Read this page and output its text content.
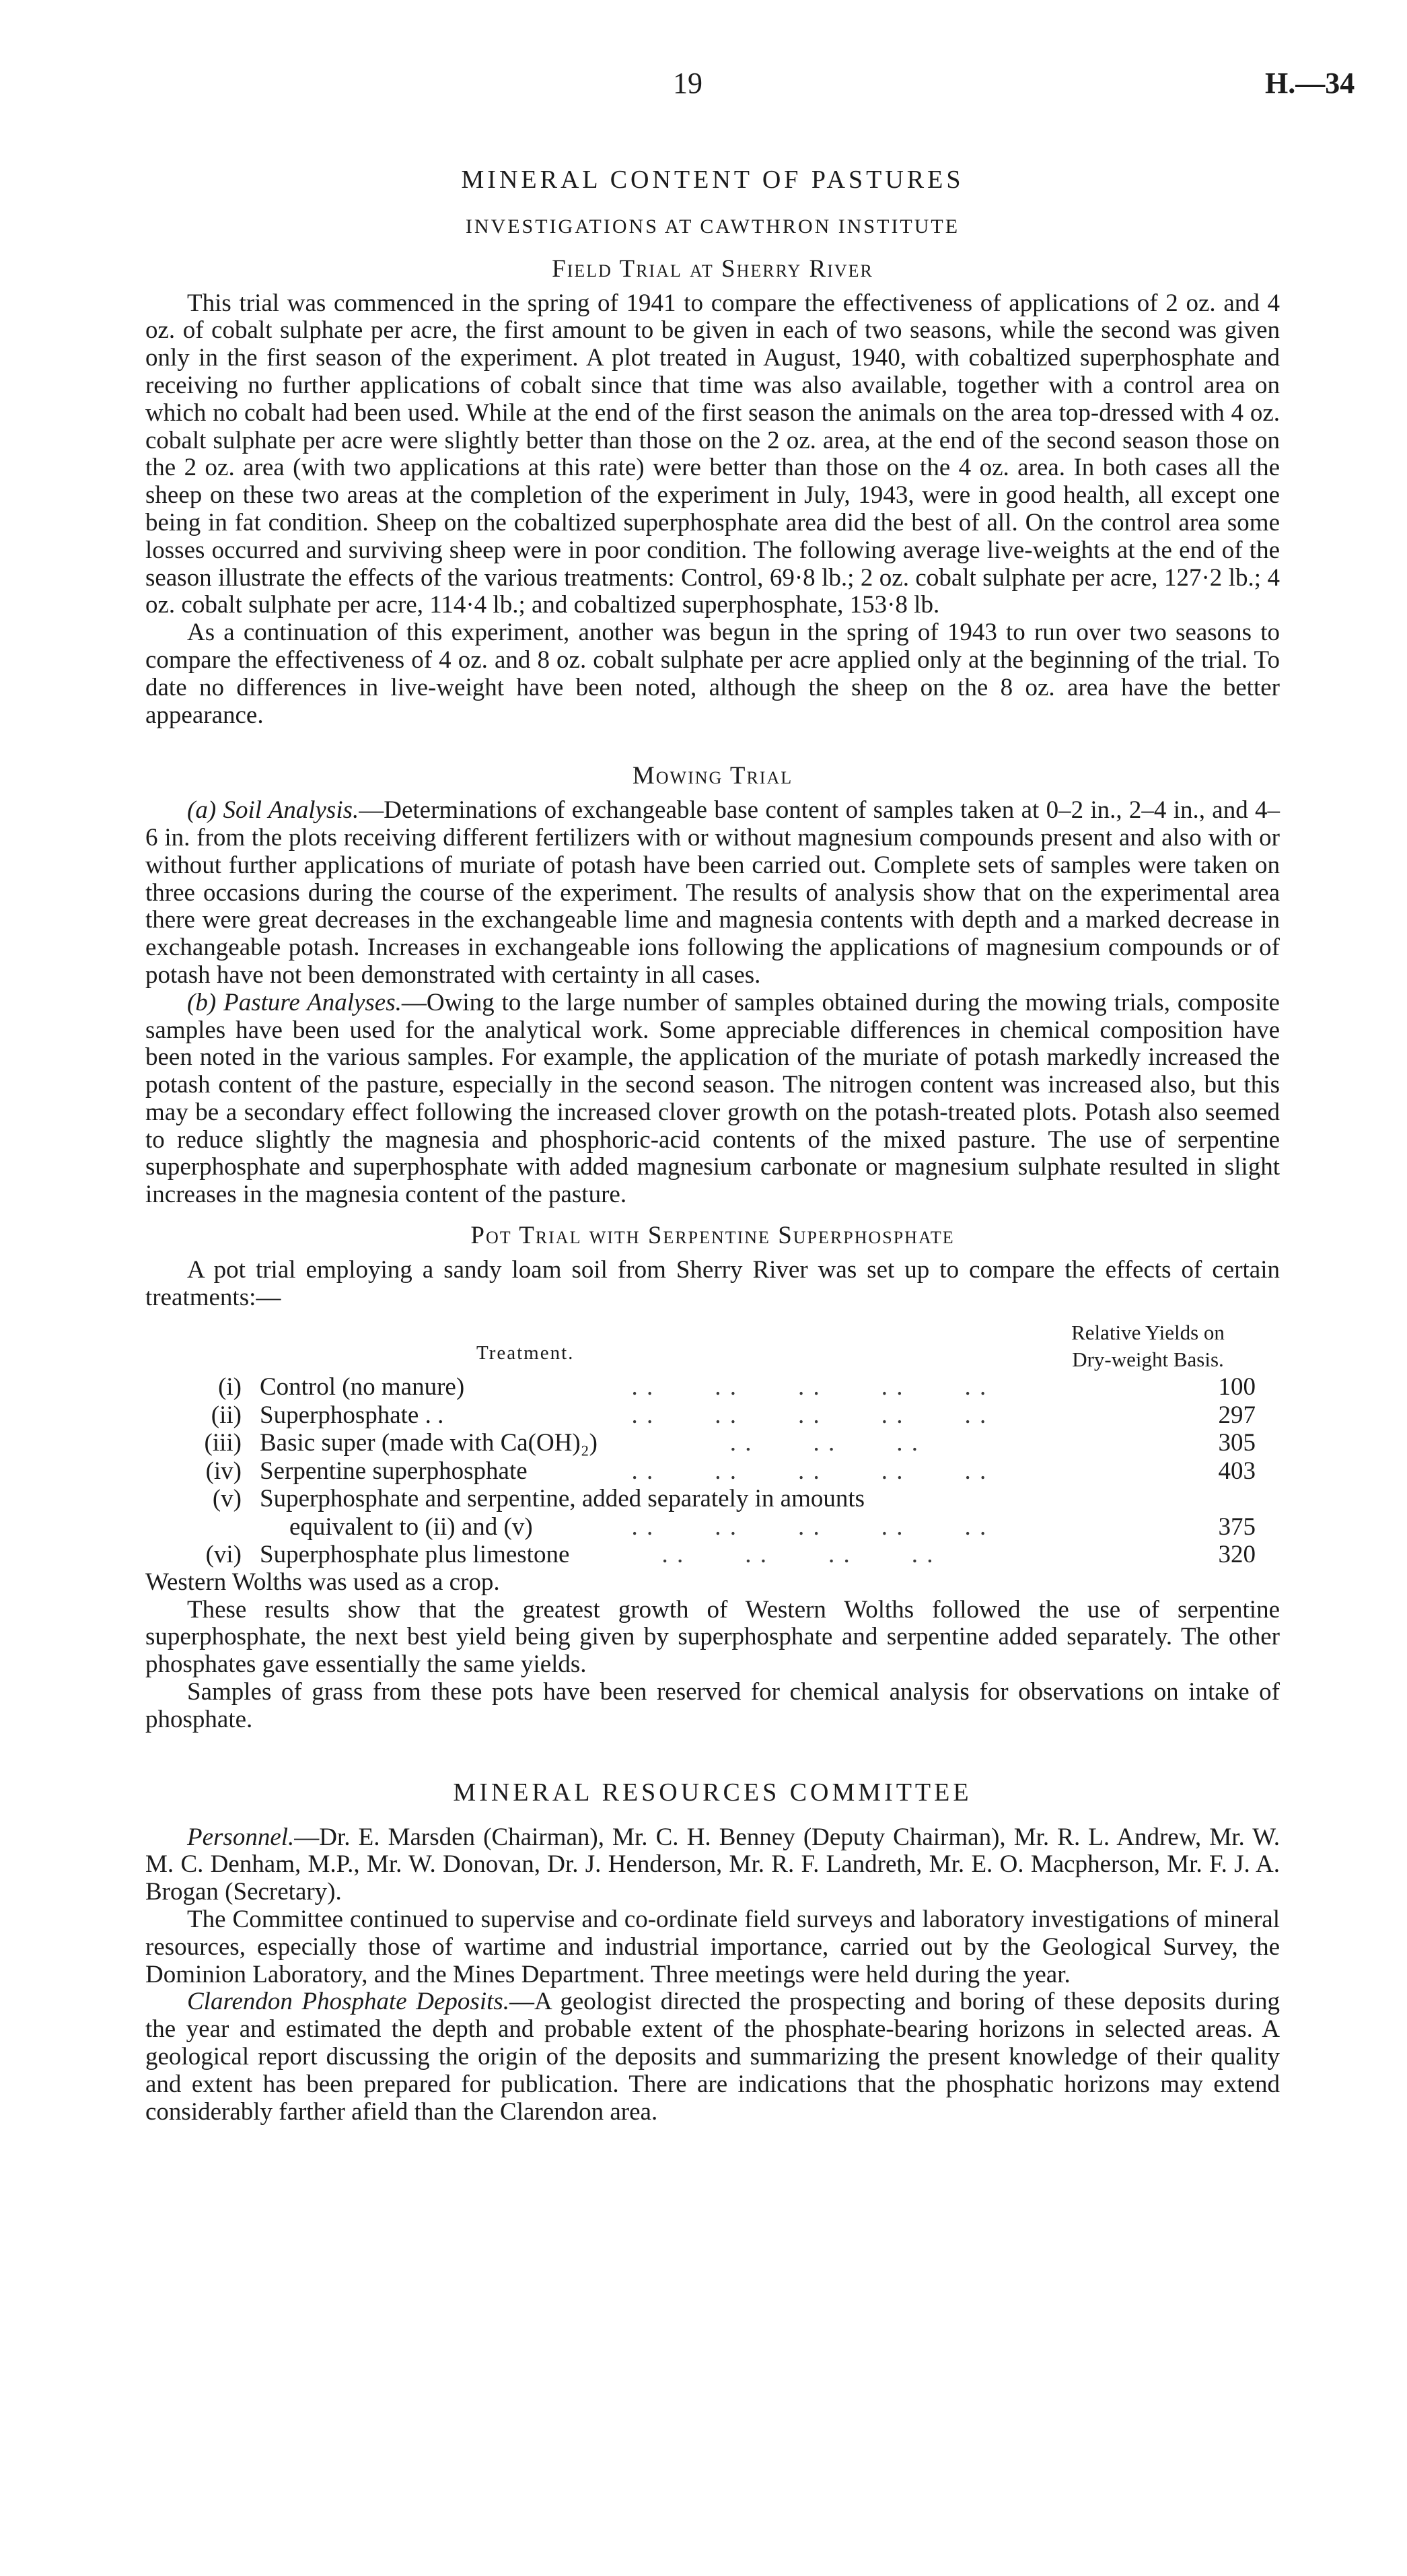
19	H.—34
MINERAL CONTENT OF PASTURES
INVESTIGATIONS AT CAWTHRON INSTITUTE
Field Trial at Sherry River

This trial was commenced in the spring of 1941 to compare the effectiveness of applications of 2 oz. and 4 oz. of cobalt sulphate per acre, the first amount to be given in each of two seasons, while the second was given only in the first season of the experiment. A plot treated in August, 1940, with cobaltized superphosphate and receiving no further applications of cobalt since that time was also available, together with a control area on which no cobalt had been used. While at the end of the first season the animals on the area top-dressed with 4 oz. cobalt sulphate per acre were slightly better than those on the 2 oz. area, at the end of the second season those on the 2 oz. area (with two applications at this rate) were better than those on the 4 oz. area. In both cases all the sheep on these two areas at the completion of the experiment in July, 1943, were in good health, all except one being in fat condition. Sheep on the cobaltized superphosphate area did the best of all. On the control area some losses occurred and surviving sheep were in poor condition. The following average live-weights at the end of the season illustrate the effects of the various treatments: Control, 69·8 lb.; 2 oz. cobalt sulphate per acre, 127·2 lb.; 4 oz. cobalt sulphate per acre, 114·4 lb.; and cobaltized superphosphate, 153·8 lb.

As a continuation of this experiment, another was begun in the spring of 1943 to run over two seasons to compare the effectiveness of 4 oz. and 8 oz. cobalt sulphate per acre applied only at the beginning of the trial. To date no differences in live-weight have been noted, although the sheep on the 8 oz. area have the better appearance.

Mowing Trial

(a) Soil Analysis.—Determinations of exchangeable base content of samples taken at 0–2 in., 2–4 in., and 4–6 in. from the plots receiving different fertilizers with or without magnesium compounds present and also with or without further applications of muriate of potash have been carried out. Complete sets of samples were taken on three occasions during the course of the experiment. The results of analysis show that on the experimental area there were great decreases in the exchangeable lime and magnesia contents with depth and a marked decrease in exchangeable potash. Increases in exchangeable ions following the applications of magnesium compounds or of potash have not been demonstrated with certainty in all cases.

(b) Pasture Analyses.—Owing to the large number of samples obtained during the mowing trials, composite samples have been used for the analytical work. Some appreciable differences in chemical composition have been noted in the various samples. For example, the application of the muriate of potash markedly increased the potash content of the pasture, especially in the second season. The nitrogen content was increased also, but this may be a secondary effect following the increased clover growth on the potash-treated plots. Potash also seemed to reduce slightly the magnesia and phosphoric-acid contents of the mixed pasture. The use of serpentine superphosphate and superphosphate with added magnesium carbonate or magnesium sulphate resulted in slight increases in the magnesia content of the pasture.

Pot Trial with Serpentine Superphosphate

A pot trial employing a sandy loam soil from Sherry River was set up to compare the effects of certain treatments:—

Treatment.
Relative Yields on
Dry-weight Basis.
(i) Control (no manure)	. .        . .        . .        . .        . .	100
(ii) Superphosphate . .	. .        . .        . .        . .        . .	297
(iii) Basic super (made with Ca(OH)₂) . .        . .        . .	305
(iv) Serpentine superphosphate	. .        . .        . .        . .        . .	403
(v) Superphosphate and serpentine, added separately in amounts
equivalent to (ii) and (v)	. .        . .        . .        . .        . .	375
(vi) Superphosphate plus limestone . .        . .        . .        . .	320

Western Wolths was used as a crop.

These results show that the greatest growth of Western Wolths followed the use of serpentine superphosphate, the next best yield being given by superphosphate and serpentine added separately. The other phosphates gave essentially the same yields.

Samples of grass from these pots have been reserved for chemical analysis for observations on intake of phosphate.

MINERAL RESOURCES COMMITTEE

Personnel.—Dr. E. Marsden (Chairman), Mr. C. H. Benney (Deputy Chairman), Mr. R. L. Andrew, Mr. W. M. C. Denham, M.P., Mr. W. Donovan, Dr. J. Henderson, Mr. R. F. Landreth, Mr. E. O. Macpherson, Mr. F. J. A. Brogan (Secretary).

The Committee continued to supervise and co-ordinate field surveys and laboratory investigations of mineral resources, especially those of wartime and industrial importance, carried out by the Geological Survey, the Dominion Laboratory, and the Mines Department. Three meetings were held during the year.

Clarendon Phosphate Deposits.—A geologist directed the prospecting and boring of these deposits during the year and estimated the depth and probable extent of the phosphate-bearing horizons in selected areas. A geological report discussing the origin of the deposits and summarizing the present knowledge of their quality and extent has been prepared for publication. There are indications that the phosphatic horizons may extend considerably farther afield than the Clarendon area.
